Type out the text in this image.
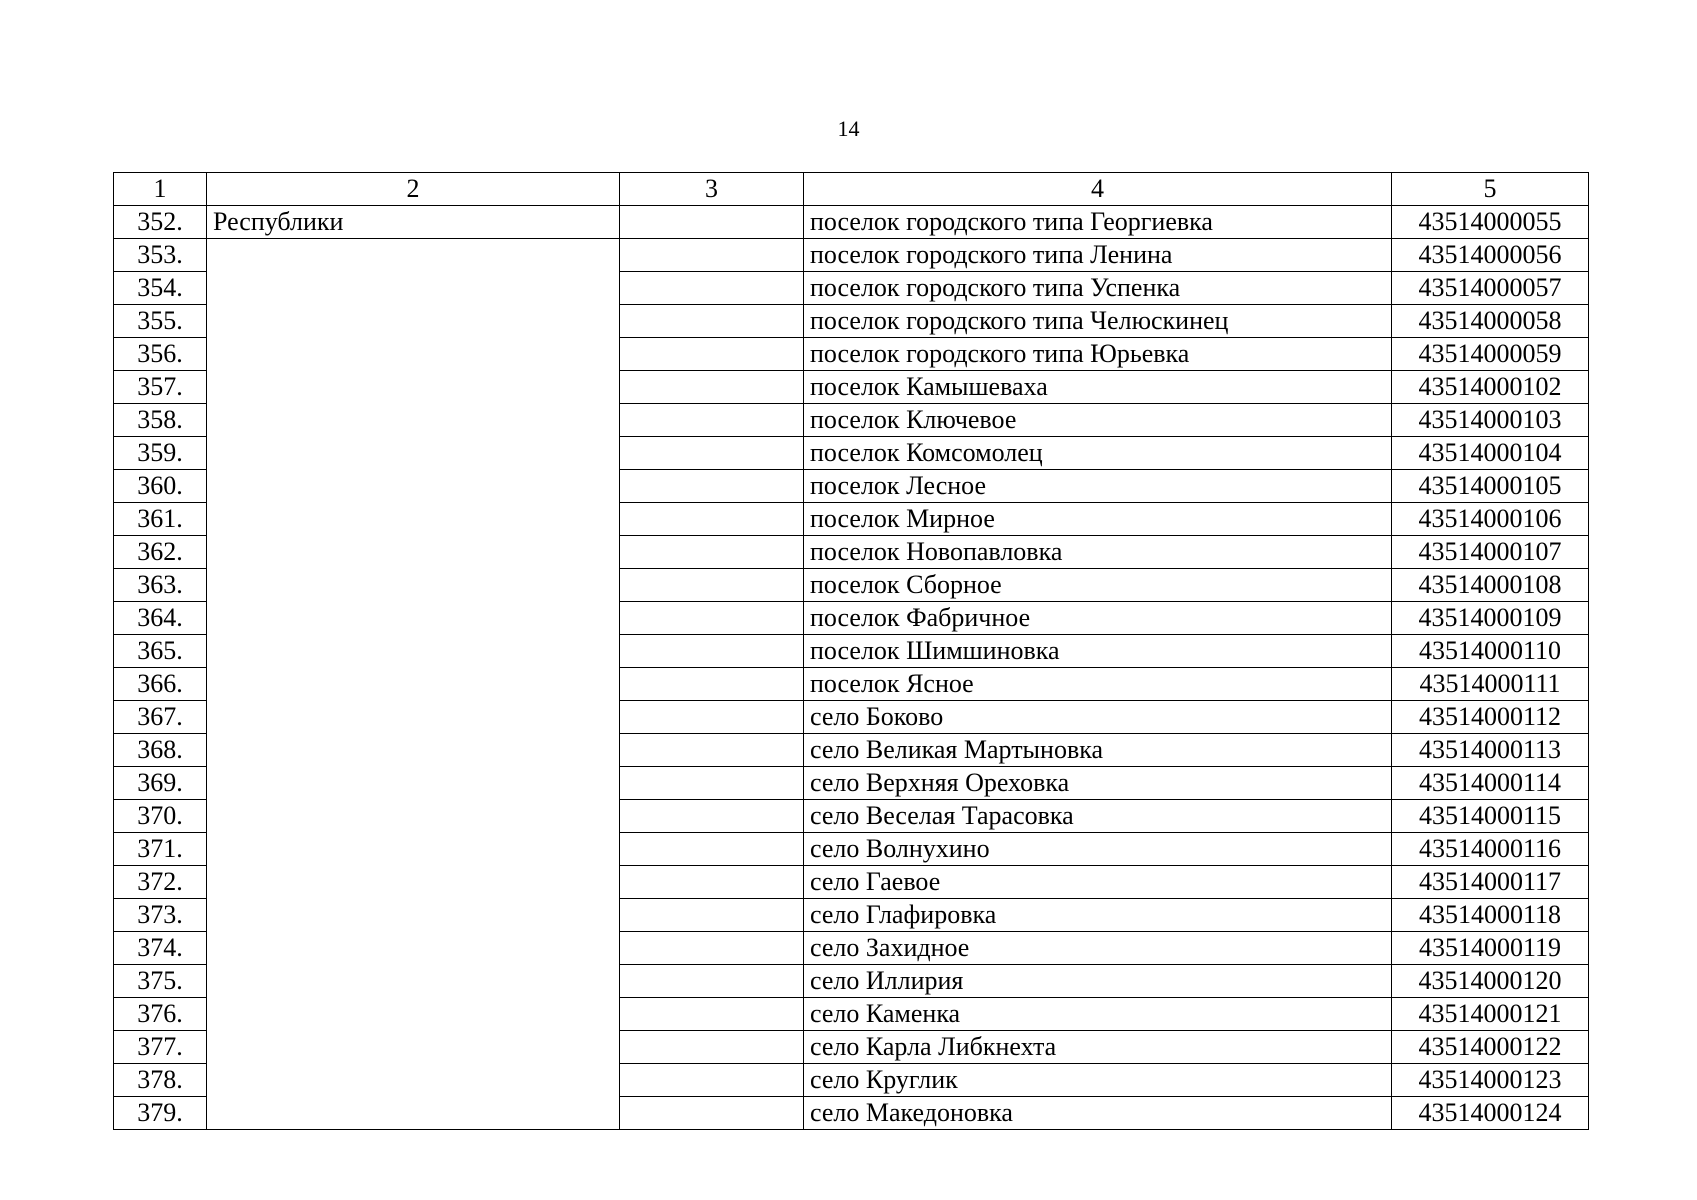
14
1	2	3	4	5
352.	Республики		поселок городского типа Георгиевка	43514000055
353.			поселок городского типа Ленина	43514000056
354.			поселок городского типа Успенка	43514000057
355.			поселок городского типа Челюскинец	43514000058
356.			поселок городского типа Юрьевка	43514000059
357.			поселок Камышеваха	43514000102
358.			поселок Ключевое	43514000103
359.			поселок Комсомолец	43514000104
360.			поселок Лесное	43514000105
361.			поселок Мирное	43514000106
362.			поселок Новопавловка	43514000107
363.			поселок Сборное	43514000108
364.			поселок Фабричное	43514000109
365.			поселок Шимшиновка	43514000110
366.			поселок Ясное	43514000111
367.			село Боково	43514000112
368.			село Великая Мартыновка	43514000113
369.			село Верхняя Ореховка	43514000114
370.			село Веселая Тарасовка	43514000115
371.			село Волнухино	43514000116
372.			село Гаевое	43514000117
373.			село Глафировка	43514000118
374.			село Захидное	43514000119
375.			село Иллирия	43514000120
376.			село Каменка	43514000121
377.			село Карла Либкнехта	43514000122
378.			село Круглик	43514000123
379.			село Македоновка	43514000124
